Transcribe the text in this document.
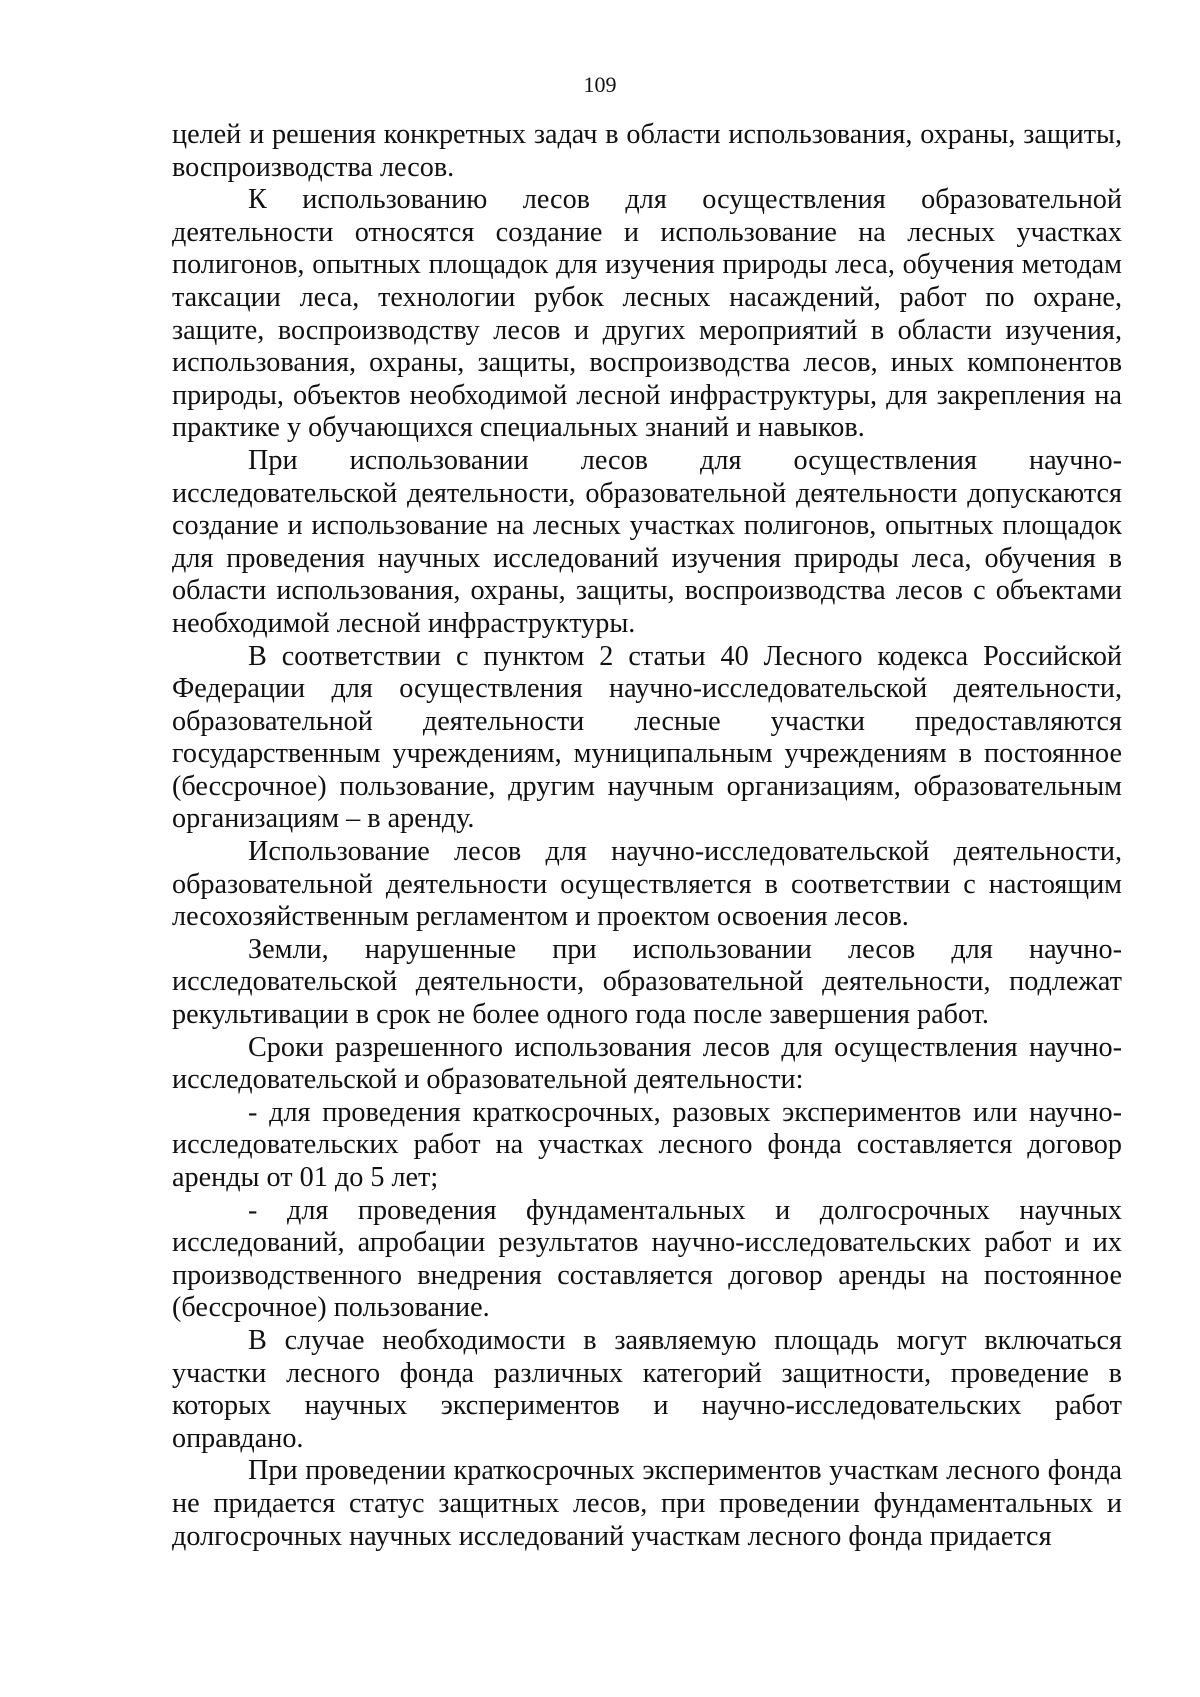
109

целей и решения конкретных задач в области использования, охраны, защиты, воспроизводства лесов.

К использованию лесов для осуществления образовательной деятельности относятся создание и использование на лесных участках полигонов, опытных площадок для изучения природы леса, обучения методам таксации леса, технологии рубок лесных насаждений, работ по охране, защите, воспроизводству лесов и других мероприятий в области изучения, использования, охраны, защиты, воспроизводства лесов, иных компонентов природы, объектов необходимой лесной инфраструктуры, для закрепления на практике у обучающихся специальных знаний и навыков.

При использовании лесов для осуществления научно-исследовательской деятельности, образовательной деятельности допускаются создание и использование на лесных участках полигонов, опытных площадок для проведения научных исследований изучения природы леса, обучения в области использования, охраны, защиты, воспроизводства лесов с объектами необходимой лесной инфраструктуры.

В соответствии с пунктом 2 статьи 40 Лесного кодекса Российской Федерации для осуществления научно-исследовательской деятельности, образовательной деятельности лесные участки предоставляются государственным учреждениям, муниципальным учреждениям в постоянное (бессрочное) пользование, другим научным организациям, образовательным организациям – в аренду.

Использование лесов для научно-исследовательской деятельности, образовательной деятельности осуществляется в соответствии с настоящим лесохозяйственным регламентом и проектом освоения лесов.

Земли, нарушенные при использовании лесов для научно-исследовательской деятельности, образовательной деятельности, подлежат рекультивации в срок не более одного года после завершения работ.

Сроки разрешенного использования лесов для осуществления научно-исследовательской и образовательной деятельности:

- для проведения краткосрочных, разовых экспериментов или научно-исследовательских работ на участках лесного фонда составляется договор аренды от 01 до 5 лет;

- для проведения фундаментальных и долгосрочных научных исследований, апробации результатов научно-исследовательских работ и их производственного внедрения составляется договор аренды на постоянное (бессрочное) пользование.

В случае необходимости в заявляемую площадь могут включаться участки лесного фонда различных категорий защитности, проведение в которых научных экспериментов и научно-исследовательских работ оправдано.

При проведении краткосрочных экспериментов участкам лесного фонда не придается статус защитных лесов, при проведении фундаментальных и долгосрочных научных исследований участкам лесного фонда придается
